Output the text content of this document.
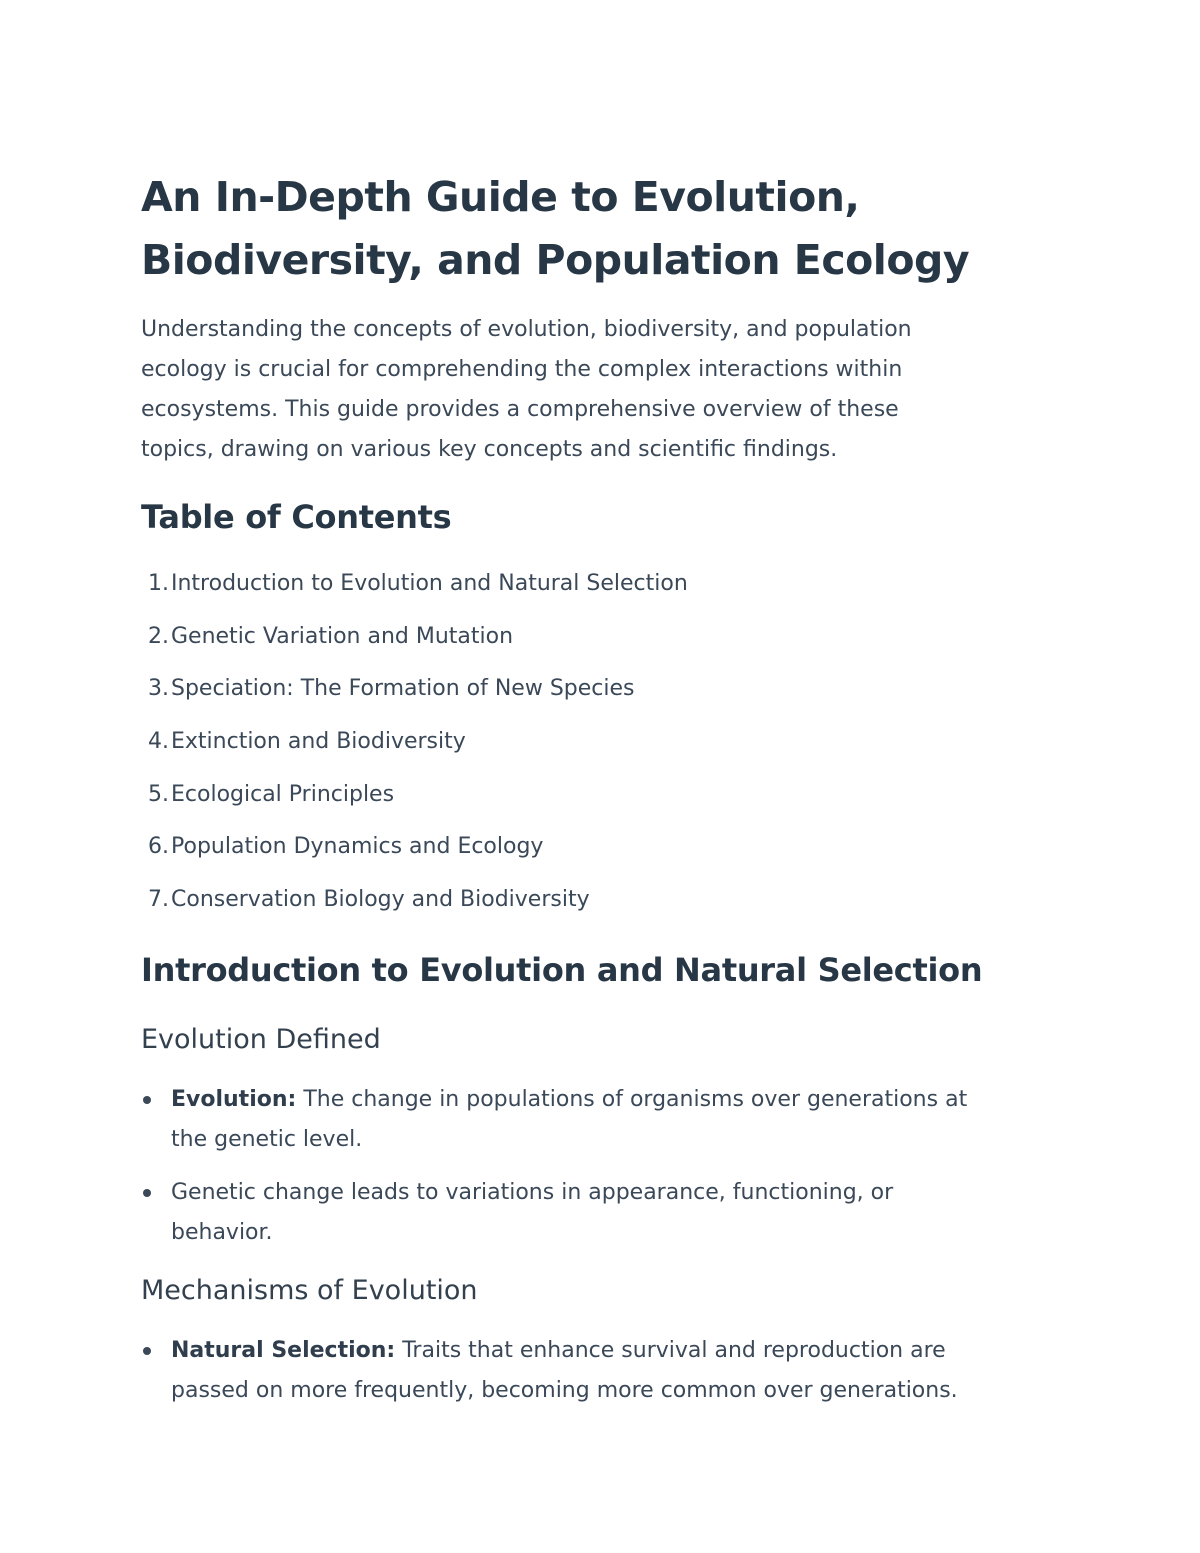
An In-Depth Guide to Evolution,
Biodiversity, and Population Ecology

Understanding the concepts of evolution, biodiversity, and population
ecology is crucial for comprehending the complex interactions within
ecosystems. This guide provides a comprehensive overview of these
topics, drawing on various key concepts and scientific findings.

Table of Contents
1. Introduction to Evolution and Natural Selection
2. Genetic Variation and Mutation
3. Speciation: The Formation of New Species
4. Extinction and Biodiversity
5. Ecological Principles
6. Population Dynamics and Ecology
7. Conservation Biology and Biodiversity
Introduction to Evolution and Natural Selection
Evolution Defined
Evolution: The change in populations of organisms over generations at
the genetic level.
Genetic change leads to variations in appearance, functioning, or
behavior.
Mechanisms of Evolution
Natural Selection: Traits that enhance survival and reproduction are
passed on more frequently, becoming more common over generations.
